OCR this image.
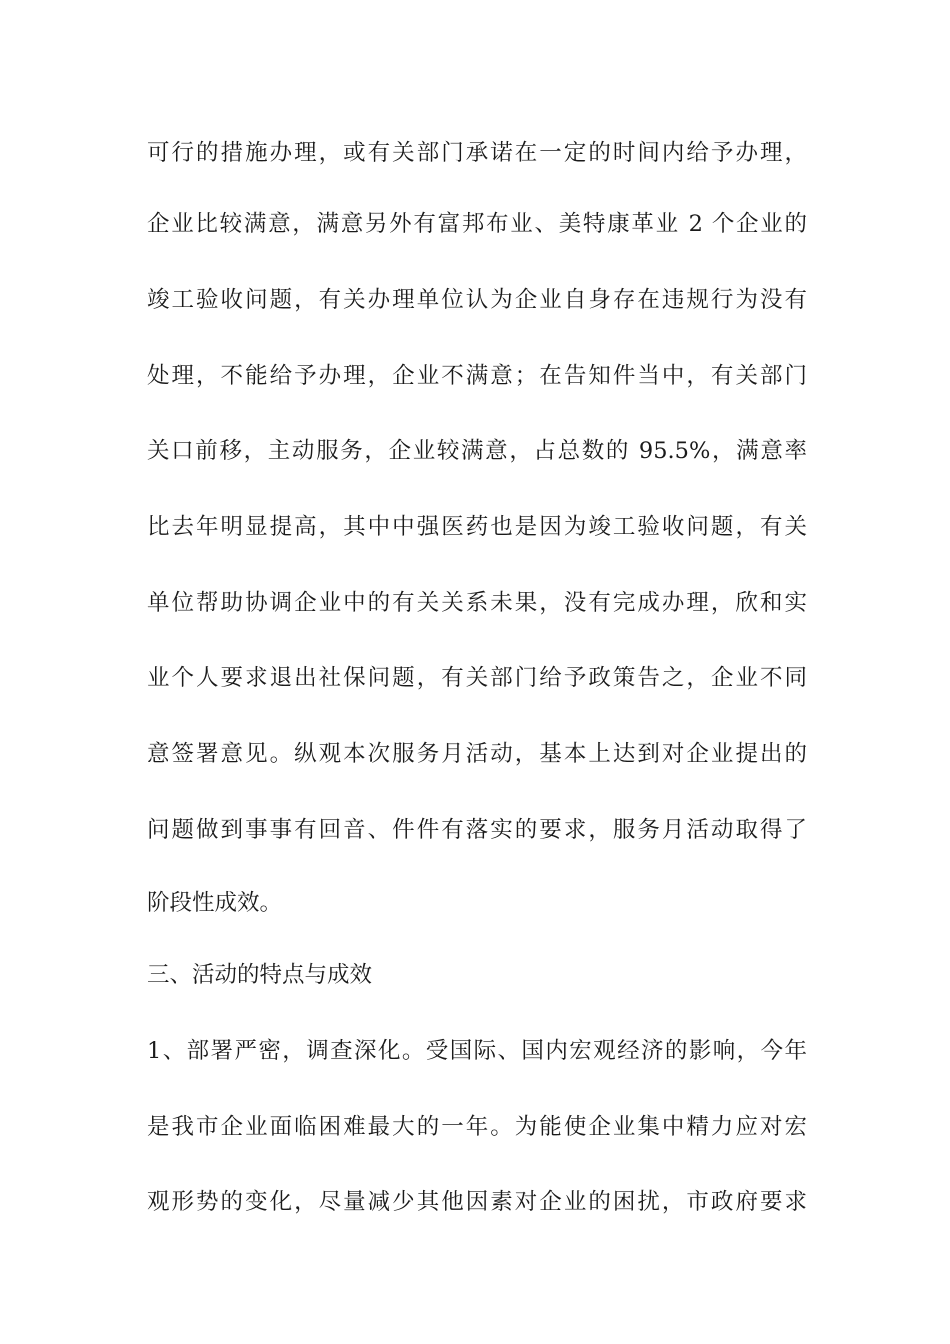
可行的措施办理，或有关部门承诺在一定的时间内给予办理，
企业比较满意，满意另外有富邦布业、美特康革业 2 个企业的
竣工验收问题，有关办理单位认为企业自身存在违规行为没有
处理，不能给予办理，企业不满意；在告知件当中，有关部门
关口前移，主动服务，企业较满意，占总数的 95.5%，满意率
比去年明显提高，其中中强医药也是因为竣工验收问题，有关
单位帮助协调企业中的有关关系未果，没有完成办理，欣和实
业个人要求退出社保问题，有关部门给予政策告之，企业不同
意签署意见。纵观本次服务月活动，基本上达到对企业提出的
问题做到事事有回音、件件有落实的要求，服务月活动取得了
阶段性成效。
三、活动的特点与成效
1、部署严密，调查深化。受国际、国内宏观经济的影响，今年
是我市企业面临困难最大的一年。为能使企业集中精力应对宏
观形势的变化，尽量减少其他因素对企业的困扰，市政府要求
